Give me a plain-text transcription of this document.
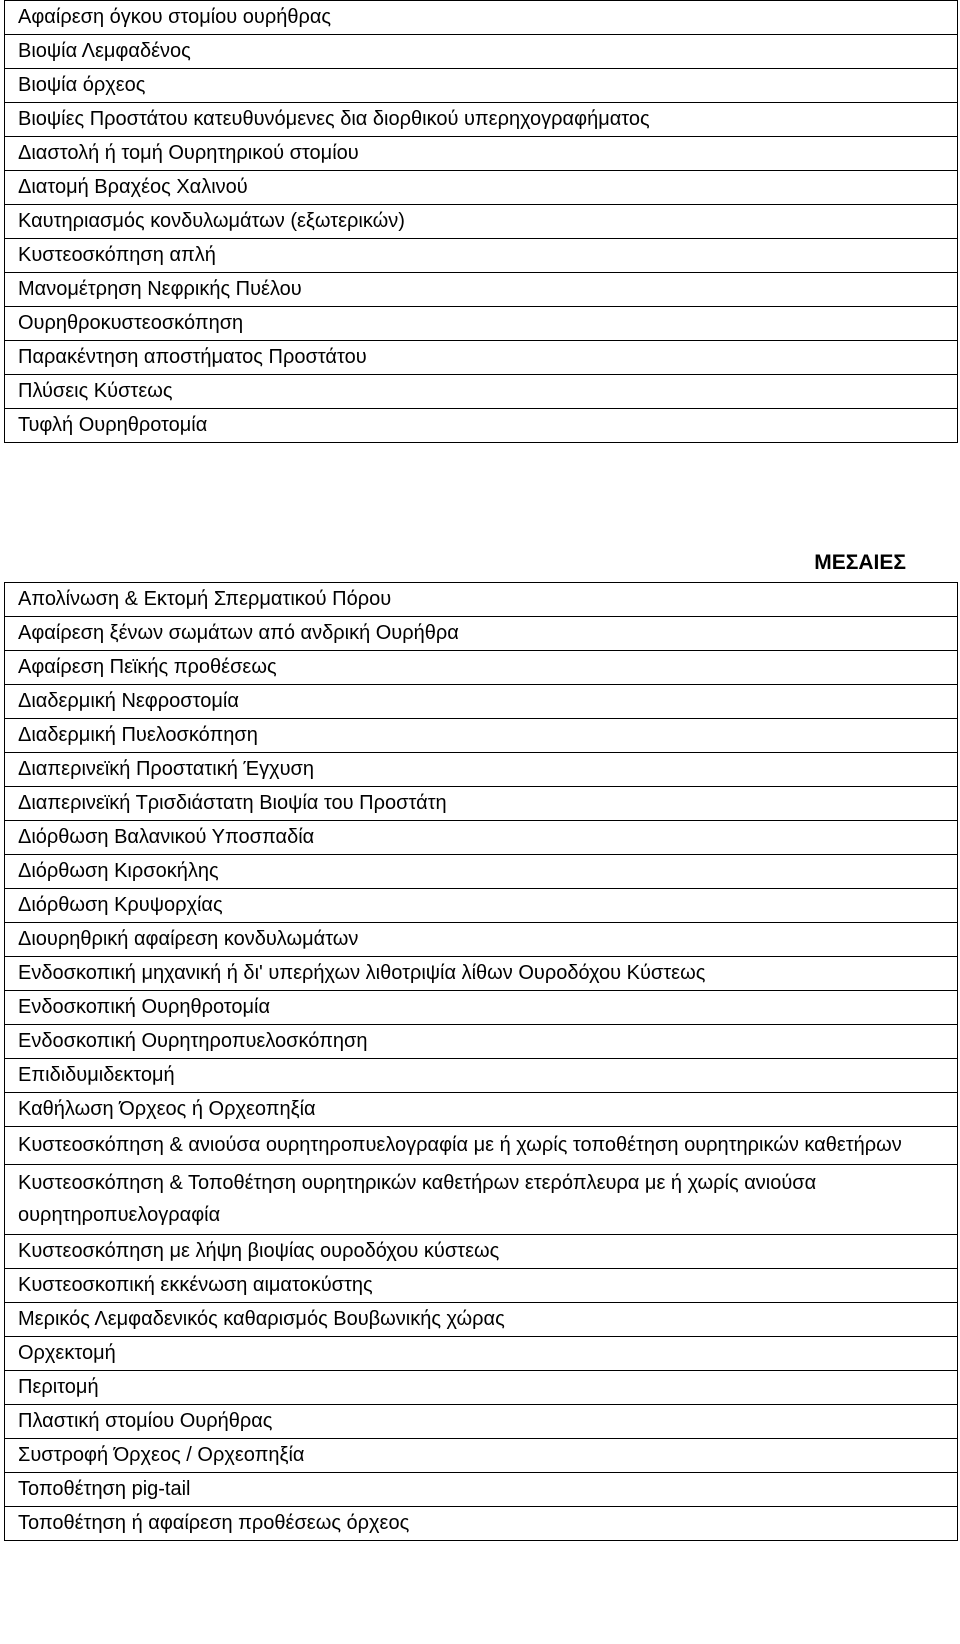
Αφαίρεση όγκου στομίου ουρήθρας
Βιοψία Λεμφαδένος
Βιοψία όρχεος
Βιοψίες Προστάτου κατευθυνόμενες δια διορθικού υπερηχογραφήματος
Διαστολή ή τομή Ουρητηρικού στομίου
Διατομή Βραχέος Χαλινού
Καυτηριασμός κονδυλωμάτων (εξωτερικών)
Κυστεοσκόπηση απλή
Μανομέτρηση Νεφρικής Πυέλου
Ουρηθροκυστεοσκόπηση
Παρακέντηση αποστήματος Προστάτου
Πλύσεις Κύστεως
Τυφλή Ουρηθροτομία
ΜΕΣΑΙΕΣ
Απολίνωση & Εκτομή Σπερματικού Πόρου
Αφαίρεση ξένων σωμάτων από ανδρική Ουρήθρα
Αφαίρεση Πεϊκής προθέσεως
Διαδερμική Νεφροστομία
Διαδερμική Πυελοσκόπηση
Διαπερινεϊκή Προστατική Έγχυση
Διαπερινεϊκή Τρισδιάστατη Βιοψία του Προστάτη
Διόρθωση Βαλανικού Υποσπαδία
Διόρθωση Κιρσοκήλης
Διόρθωση Κρυψορχίας
Διουρηθρική αφαίρεση κονδυλωμάτων
Ενδοσκοπική μηχανική ή δι' υπερήχων λιθοτριψία λίθων Ουροδόχου Κύστεως
Ενδοσκοπική Ουρηθροτομία
Ενδοσκοπική Ουρητηροπυελοσκόπηση
Επιδιδυμιδεκτομή
Καθήλωση Όρχεος ή Ορχεοπηξία
Κυστεοσκόπηση & ανιούσα ουρητηροπυελογραφία με ή χωρίς τοποθέτηση ουρητηρικών καθετήρων
Κυστεοσκόπηση & Τοποθέτηση ουρητηρικών καθετήρων ετερόπλευρα με ή χωρίς ανιούσα ουρητηροπυελογραφία
Κυστεοσκόπηση με λήψη βιοψίας ουροδόχου κύστεως
Κυστεοσκοπική εκκένωση αιματοκύστης
Μερικός Λεμφαδενικός καθαρισμός Βουβωνικής χώρας
Ορχεκτομή
Περιτομή
Πλαστική στομίου Ουρήθρας
Συστροφή Όρχεος / Ορχεοπηξία
Τοποθέτηση pig-tail
Τοποθέτηση ή αφαίρεση προθέσεως όρχεος
